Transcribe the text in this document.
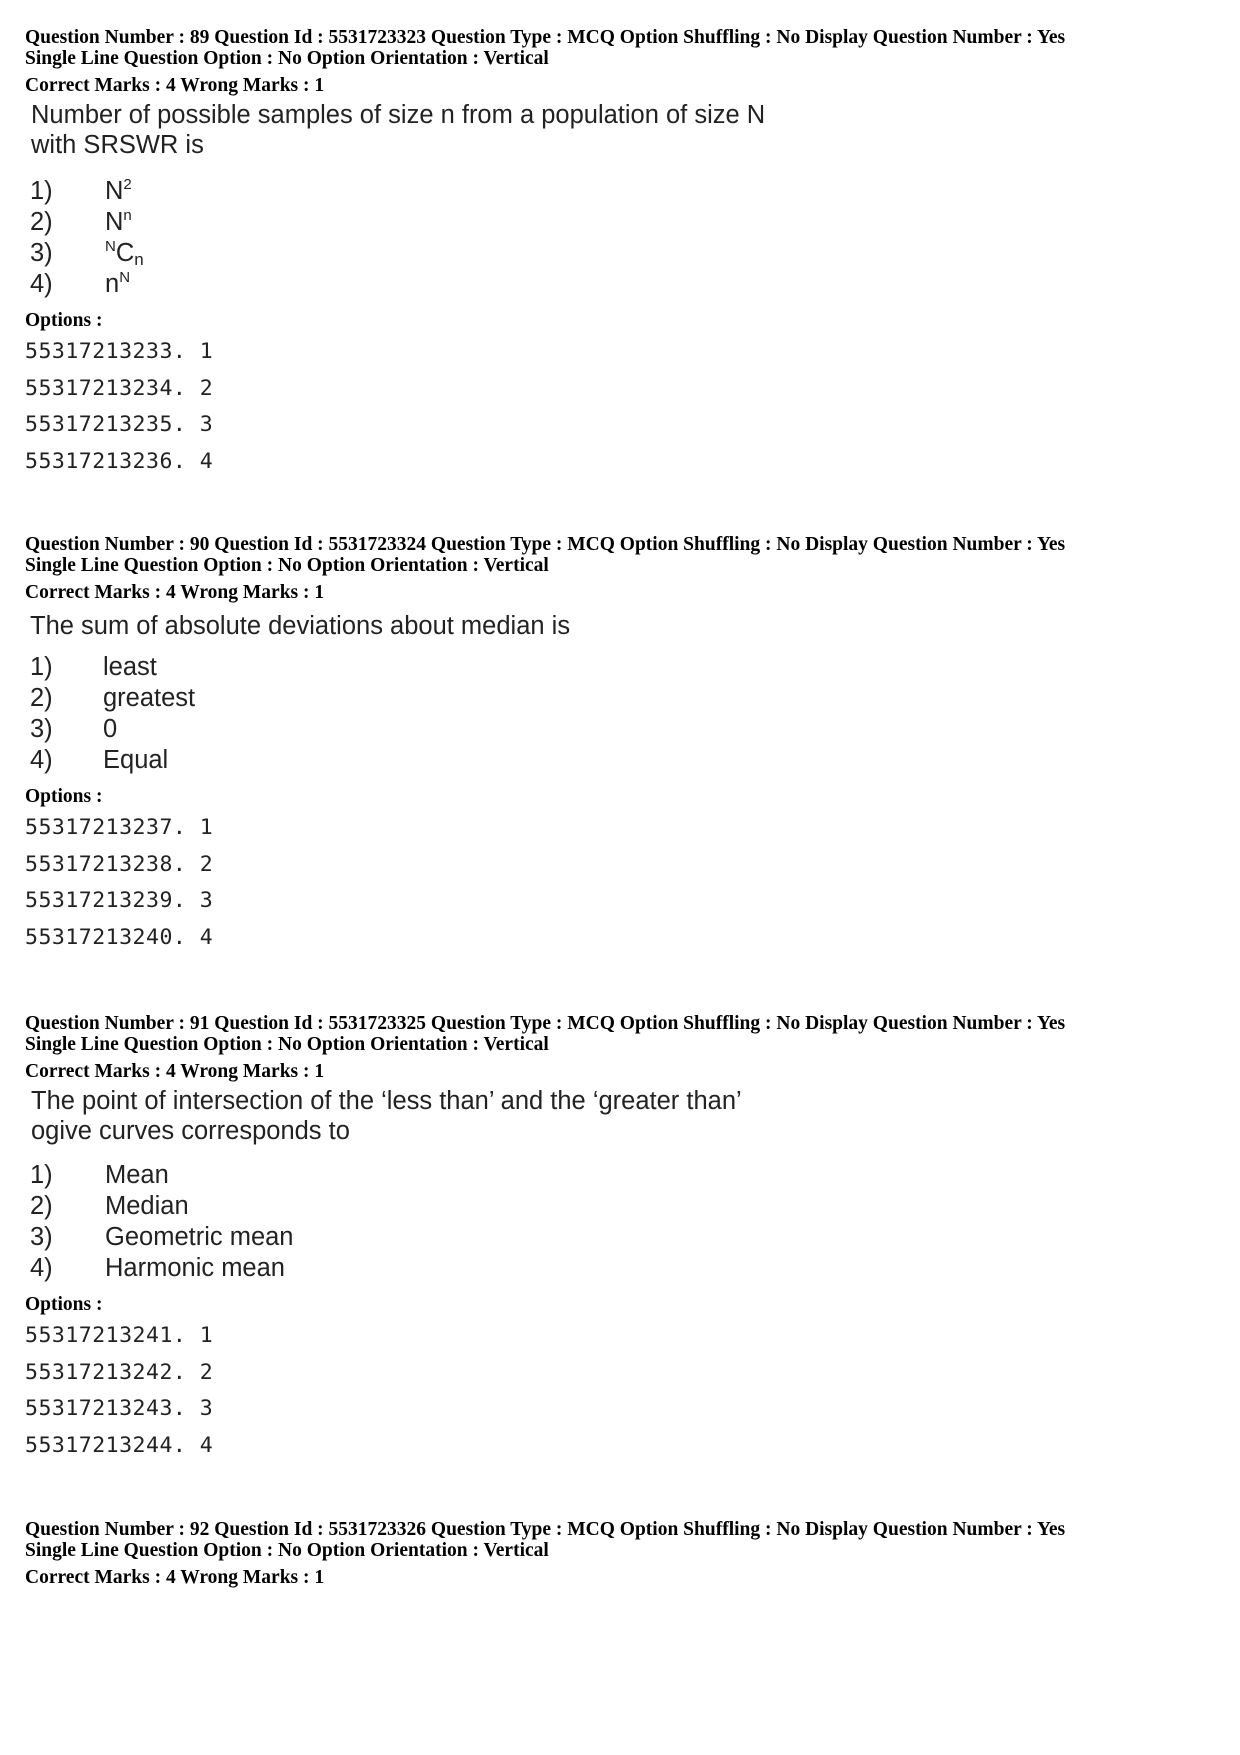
Question Number : 89 Question Id : 5531723323 Question Type : MCQ Option Shuffling : No Display Question Number : Yes
Single Line Question Option : No Option Orientation : Vertical
Correct Marks : 4 Wrong Marks : 1
Number of possible samples of size n from a population of size N
with SRSWR is
1)	$N^2$
2)	$N^n$
3)	$^NC_n$
4)	$n^N$
Options :
55317213233. 1
55317213234. 2
55317213235. 3
55317213236. 4
Question Number : 90 Question Id : 5531723324 Question Type : MCQ Option Shuffling : No Display Question Number : Yes
Single Line Question Option : No Option Orientation : Vertical
Correct Marks : 4 Wrong Marks : 1
The sum of absolute deviations about median is
1)	least
2)	greatest
3)	0
4)	Equal
Options :
55317213237. 1
55317213238. 2
55317213239. 3
55317213240. 4
Question Number : 91 Question Id : 5531723325 Question Type : MCQ Option Shuffling : No Display Question Number : Yes
Single Line Question Option : No Option Orientation : Vertical
Correct Marks : 4 Wrong Marks : 1
The point of intersection of the ‘less than’ and the ‘greater than’
ogive curves corresponds to
1)	Mean
2)	Median
3)	Geometric mean
4)	Harmonic mean
Options :
55317213241. 1
55317213242. 2
55317213243. 3
55317213244. 4
Question Number : 92 Question Id : 5531723326 Question Type : MCQ Option Shuffling : No Display Question Number : Yes
Single Line Question Option : No Option Orientation : Vertical
Correct Marks : 4 Wrong Marks : 1
